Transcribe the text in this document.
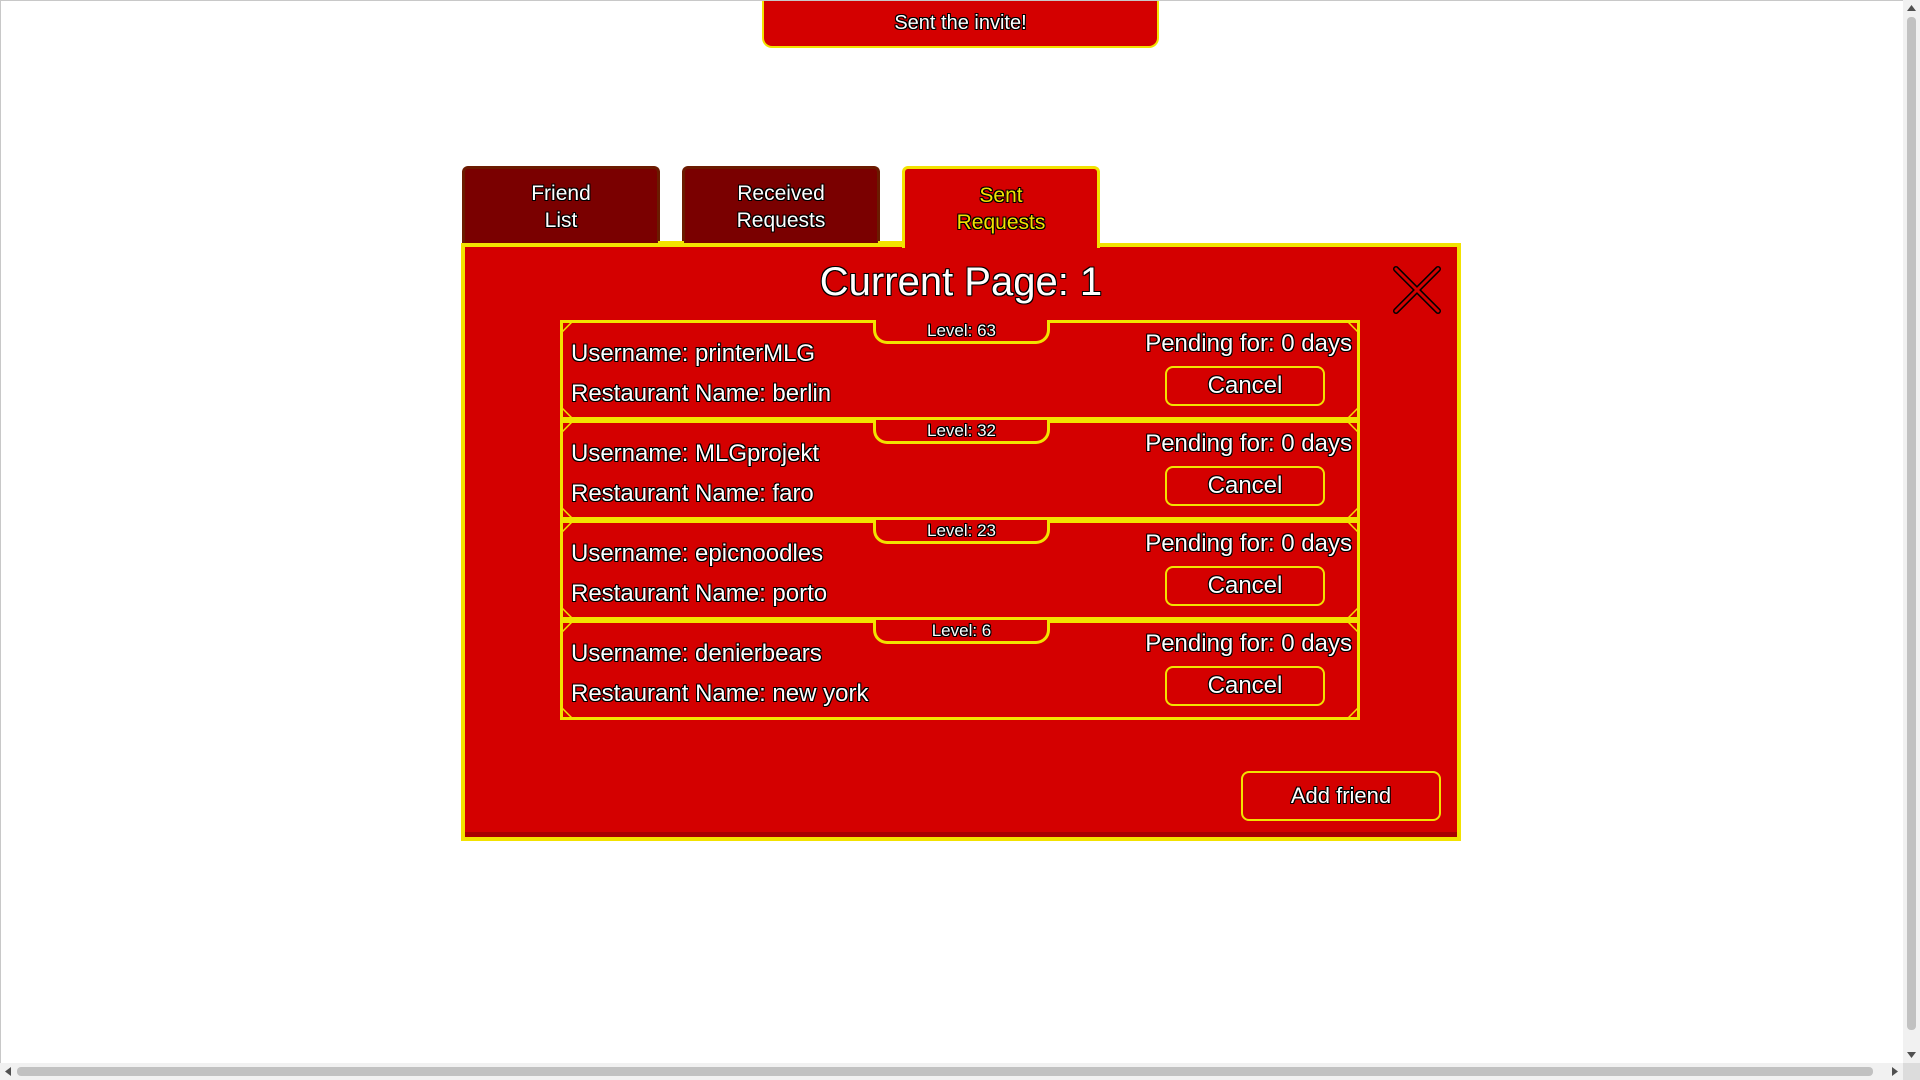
Sent the invite!
Friend
List
Received
Requests
Sent
Requests
Current Page: 1
Level: 63
Username: printerMLG
Restaurant Name: berlin
Pending for: 0 days
Cancel
Level: 32
Username: MLGprojekt
Restaurant Name: faro
Pending for: 0 days
Cancel
Level: 23
Username: epicnoodles
Restaurant Name: porto
Pending for: 0 days
Cancel
Level: 6
Username: denierbears
Restaurant Name: new york
Pending for: 0 days
Cancel
Add friend
